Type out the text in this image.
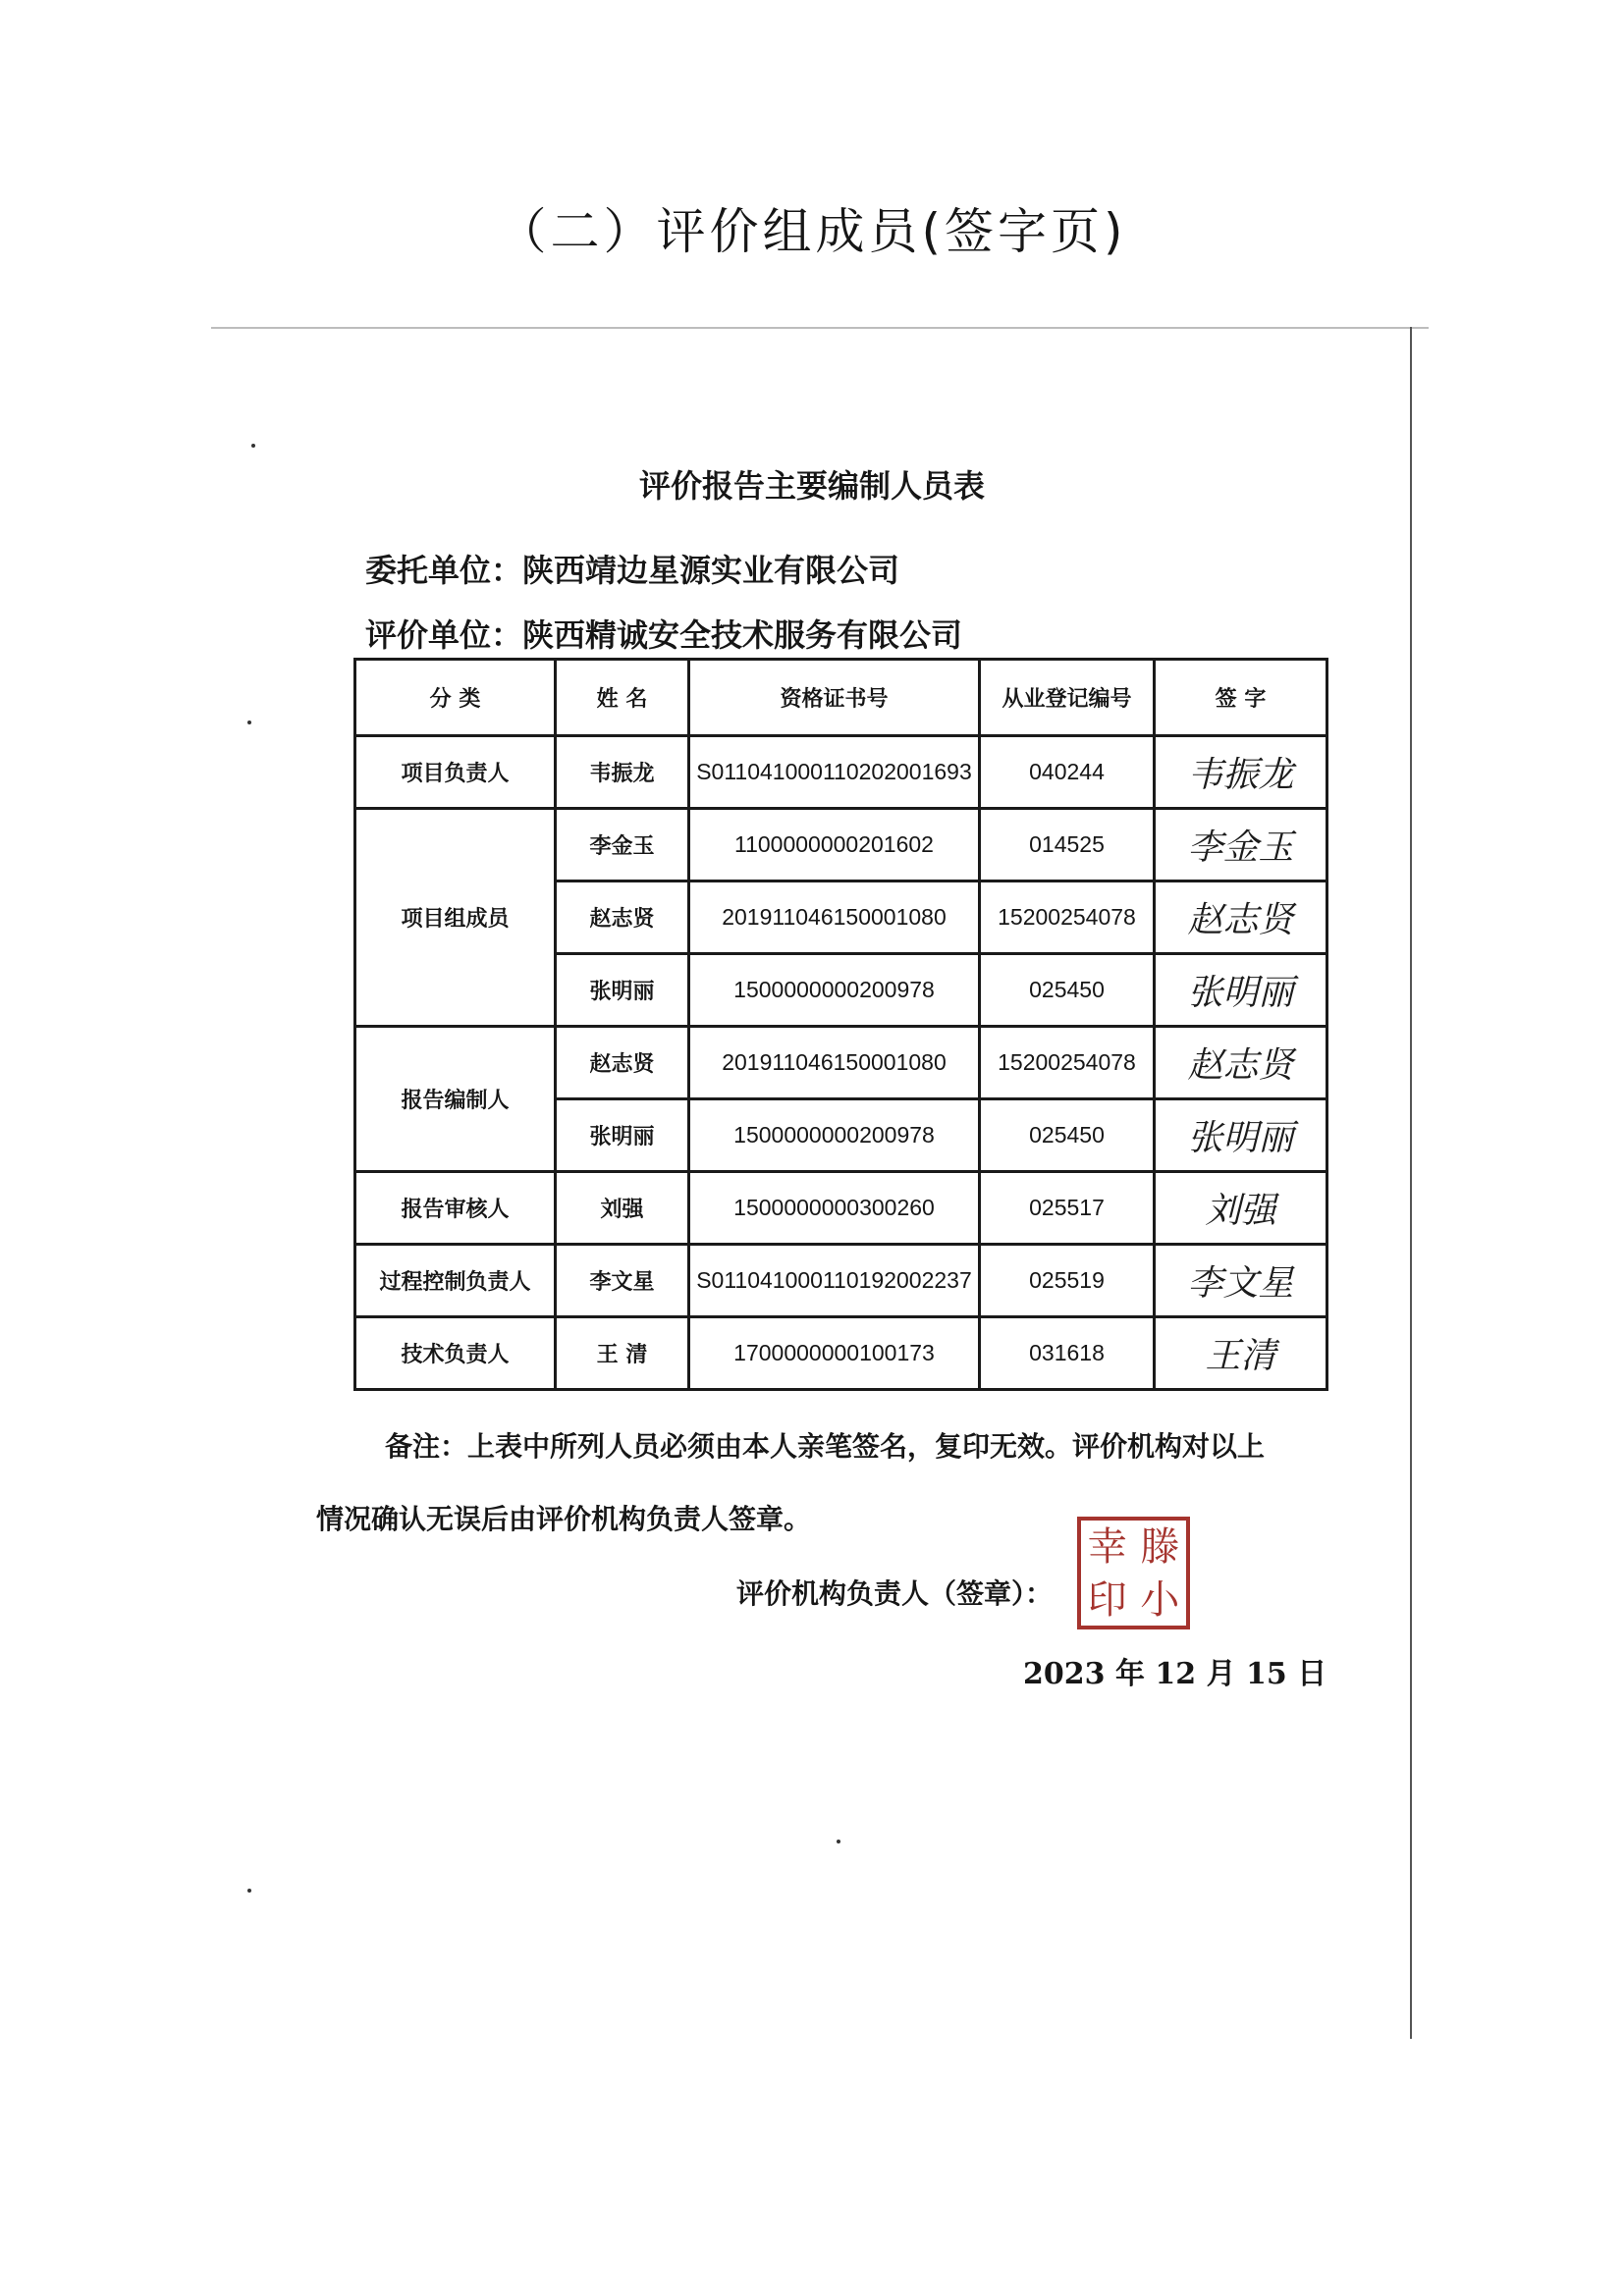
（二）评价组成员(签字页)
评价报告主要编制人员表
委托单位：陕西靖边星源实业有限公司
评价单位：陕西精诚安全技术服务有限公司
分 类	姓 名	资格证书号	从业登记编号	签 字
项目负责人	韦振龙	S011041000110202001693	040244	韦振龙
项目组成员	李金玉	1100000000201602	014525	李金玉
	赵志贤	201911046150001080	15200254078	赵志贤
	张明丽	1500000000200978	025450	张明丽
报告编制人	赵志贤	201911046150001080	15200254078	赵志贤
	张明丽	1500000000200978	025450	张明丽
报告审核人	刘强	1500000000300260	025517	刘强
过程控制负责人	李文星	S011041000110192002237	025519	李文星
技术负责人	王 清	1700000000100173	031618	王清
备注：上表中所列人员必须由本人亲笔签名，复印无效。评价机构对以上
情况确认无误后由评价机构负责人签章。
评价机构负责人（签章）：
幸 滕
印 小
2023 年 12 月 15 日
